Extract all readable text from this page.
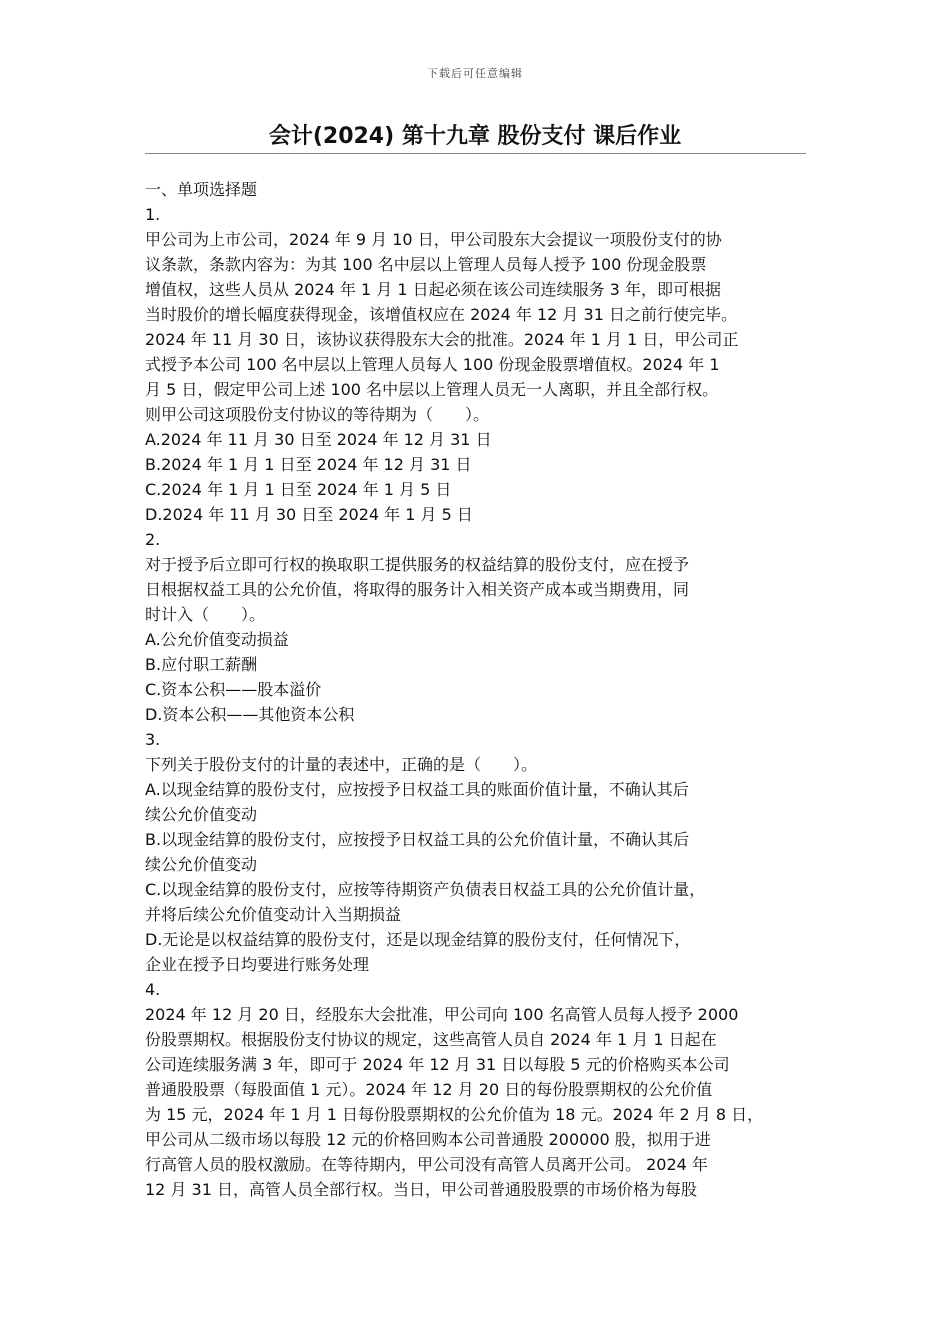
下载后可任意编辑
会计(2024) 第十九章 股份支付 课后作业
一、单项选择题
1.
甲公司为上市公司，2024 年 9 月 10 日，甲公司股东大会提议一项股份支付的协
议条款，条款内容为：为其 100 名中层以上管理人员每人授予 100 份现金股票
增值权，这些人员从 2024 年 1 月 1 日起必须在该公司连续服务 3 年，即可根据
当时股价的增长幅度获得现金，该增值权应在 2024 年 12 月 31 日之前行使完毕。
2024 年 11 月 30 日，该协议获得股东大会的批准。2024 年 1 月 1 日，甲公司正
式授予本公司 100 名中层以上管理人员每人 100 份现金股票增值权。2024 年 1
月 5 日，假定甲公司上述 100 名中层以上管理人员无一人离职，并且全部行权。
则甲公司这项股份支付协议的等待期为（　　）。
A.2024 年 11 月 30 日至 2024 年 12 月 31 日
B.2024 年 1 月 1 日至 2024 年 12 月 31 日
C.2024 年 1 月 1 日至 2024 年 1 月 5 日
D.2024 年 11 月 30 日至 2024 年 1 月 5 日
2.
对于授予后立即可行权的换取职工提供服务的权益结算的股份支付，应在授予
日根据权益工具的公允价值，将取得的服务计入相关资产成本或当期费用，同
时计入（　　）。
A.公允价值变动损益
B.应付职工薪酬
C.资本公积——股本溢价
D.资本公积——其他资本公积
3.
下列关于股份支付的计量的表述中，正确的是（　　）。
A.以现金结算的股份支付，应按授予日权益工具的账面价值计量，不确认其后
续公允价值变动
B.以现金结算的股份支付，应按授予日权益工具的公允价值计量，不确认其后
续公允价值变动
C.以现金结算的股份支付，应按等待期资产负债表日权益工具的公允价值计量，
并将后续公允价值变动计入当期损益
D.无论是以权益结算的股份支付，还是以现金结算的股份支付，任何情况下，
企业在授予日均要进行账务处理
4.
2024 年 12 月 20 日，经股东大会批准，甲公司向 100 名高管人员每人授予 2000
份股票期权。根据股份支付协议的规定，这些高管人员自 2024 年 1 月 1 日起在
公司连续服务满 3 年，即可于 2024 年 12 月 31 日以每股 5 元的价格购买本公司
普通股股票（每股面值 1 元）。2024 年 12 月 20 日的每份股票期权的公允价值
为 15 元，2024 年 1 月 1 日每份股票期权的公允价值为 18 元。2024 年 2 月 8 日，
甲公司从二级市场以每股 12 元的价格回购本公司普通股 200000 股，拟用于进
行高管人员的股权激励。在等待期内，甲公司没有高管人员离开公司。 2024 年
12 月 31 日，高管人员全部行权。当日，甲公司普通股股票的市场价格为每股
